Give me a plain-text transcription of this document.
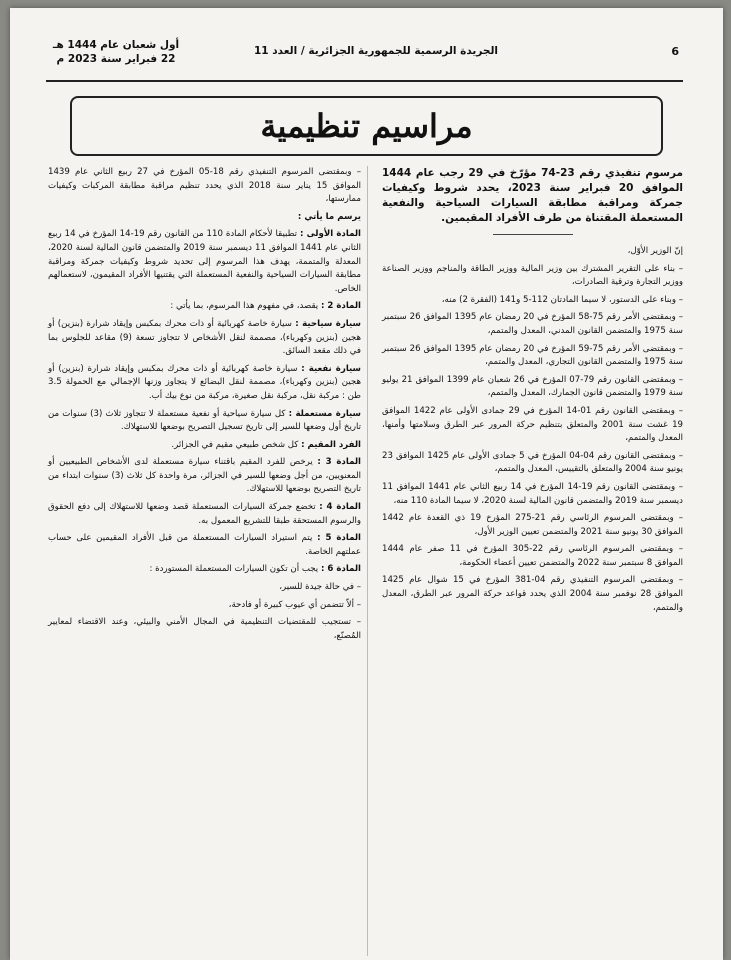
6
الجريدة الرسمية للجمهورية الجزائرية / العدد 11
أول شعبان عام 1444 هـ
22 فبراير سنة 2023 م
مراسيم تنظيمية

مرسوم تنفيذي رقم 23-74 مؤرّخ في 29 رجب عام 1444 الموافق 20 فبراير سنة 2023، يحدد شروط وكيفيات جمركة ومراقبة مطابقة السيارات السياحية والنفعية المستعملة المقتناة من طرف الأفراد المقيمين.

إنّ الوزير الأوّل،

– بناء على التقرير المشترك بين وزير المالية ووزير الطاقة والمناجم ووزير الصناعة ووزير التجارة وترقية الصادرات،

– وبناء على الدستور، لا سيما المادتان 112-5 و141 (الفقرة 2) منه،

– وبمقتضى الأمر رقم 75-58 المؤرخ في 20 رمضان عام 1395 الموافق 26 سبتمبر سنة 1975 والمتضمن القانون المدني، المعدل والمتمم،

– وبمقتضى الأمر رقم 75-59 المؤرخ في 20 رمضان عام 1395 الموافق 26 سبتمبر سنة 1975 والمتضمن القانون التجاري، المعدل والمتمم،

– وبمقتضى القانون رقم 79-07 المؤرخ في 26 شعبان عام 1399 الموافق 21 يوليو سنة 1979 والمتضمن قانون الجمارك، المعدل والمتمم،

– وبمقتضى القانون رقم 01-14 المؤرخ في 29 جمادى الأولى عام 1422 الموافق 19 غشت سنة 2001 والمتعلق بتنظيم حركة المرور عبر الطرق وسلامتها وأمنها، المعدل والمتمم،

– وبمقتضى القانون رقم 04-04 المؤرخ في 5 جمادى الأولى عام 1425 الموافق 23 يونيو سنة 2004 والمتعلق بالتقييس، المعدل والمتمم،

– وبمقتضى القانون رقم 19-14 المؤرخ في 14 ربيع الثاني عام 1441 الموافق 11 ديسمبر سنة 2019 والمتضمن قانون المالية لسنة 2020، لا سيما المادة 110 منه،

– وبمقتضى المرسوم الرئاسي رقم 21-275 المؤرخ 19 ذي القعدة عام 1442 الموافق 30 يونيو سنة 2021 والمتضمن تعيين الوزير الأول،

– وبمقتضى المرسوم الرئاسي رقم 22-305 المؤرخ في 11 صفر عام 1444 الموافق 8 سبتمبر سنة 2022 والمتضمن تعيين أعضاء الحكومة،

– وبمقتضى المرسوم التنفيذي رقم 04-381 المؤرخ في 15 شوال عام 1425 الموافق 28 نوفمبر سنة 2004 الذي يحدد قواعد حركة المرور عبر الطرق، المعدل والمتمم،

– وبمقتضى المرسوم التنفيذي رقم 18-05 المؤرخ في 27 ربيع الثاني عام 1439 الموافق 15 يناير سنة 2018 الذي يحدد تنظيم مراقبة مطابقة المركبات وكيفيات ممارستها،

يرسم ما يأتي :

المادة الأولى : تطبيقا لأحكام المادة 110 من القانون رقم 19-14 المؤرخ في 14 ربيع الثاني عام 1441 الموافق 11 ديسمبر سنة 2019 والمتضمن قانون المالية لسنة 2020، المعدلة والمتممة، يهدف هذا المرسوم إلى تحديد شروط وكيفيات جمركة ومراقبة مطابقة السيارات السياحية والنفعية المستعملة التي يقتنيها الأفراد المقيمون، لاستعمالهم الخاص.

المادة 2 : يقصد، في مفهوم هذا المرسوم، بما يأتي :

سيارة سياحية : سيارة خاصة كهربائية أو ذات محرك بمكبس وإيقاد شرارة (بنزين) أو هجين (بنزين وكهرباء)، مصممة لنقل الأشخاص لا تتجاوز تسعة (9) مقاعد للجلوس بما في ذلك مقعد السائق.

سيارة نفعية : سيارة خاصة كهربائية أو ذات محرك بمكبس وإيقاد شرارة (بنزين) أو هجين (بنزين وكهرباء)، مصممة لنقل البضائع لا يتجاوز وزنها الإجمالي مع الحمولة 3.5 طن : مركبة نقل، مركبة نقل صغيرة، مركبة من نوع بيك أب.

سيارة مستعملة : كل سيارة سياحية أو نفعية مستعملة لا تتجاوز ثلاث (3) سنوات من تاريخ أول وضعها للسير إلى تاريخ تسجيل التصريح بوضعها للاستهلاك.

الفرد المقيم : كل شخص طبيعي مقيم في الجزائر.

المادة 3 : يرخص للفرد المقيم باقتناء سيارة مستعملة لدى الأشخاص الطبيعيين أو المعنويين، من أجل وضعها للسير في الجزائر، مرة واحدة كل ثلاث (3) سنوات ابتداء من تاريخ التصريح بوضعها للاستهلاك.

المادة 4 : تخضع جمركة السيارات المستعملة قصد وضعها للاستهلاك إلى دفع الحقوق والرسوم المستحقة طبقا للتشريع المعمول به.

المادة 5 : يتم استيراد السيارات المستعملة من قبل الأفراد المقيمين على حساب عملتهم الخاصة.

المادة 6 : يجب أن تكون السيارات المستعملة المستوردة :

– في حالة جيدة للسير،

– ألاّ تتضمن أي عيوب كبيرة أو فادحة،

– تستجيب للمقتضيات التنظيمية في المجال الأمني والبيئي، وعند الاقتضاء لمعايير المُصنّع،
